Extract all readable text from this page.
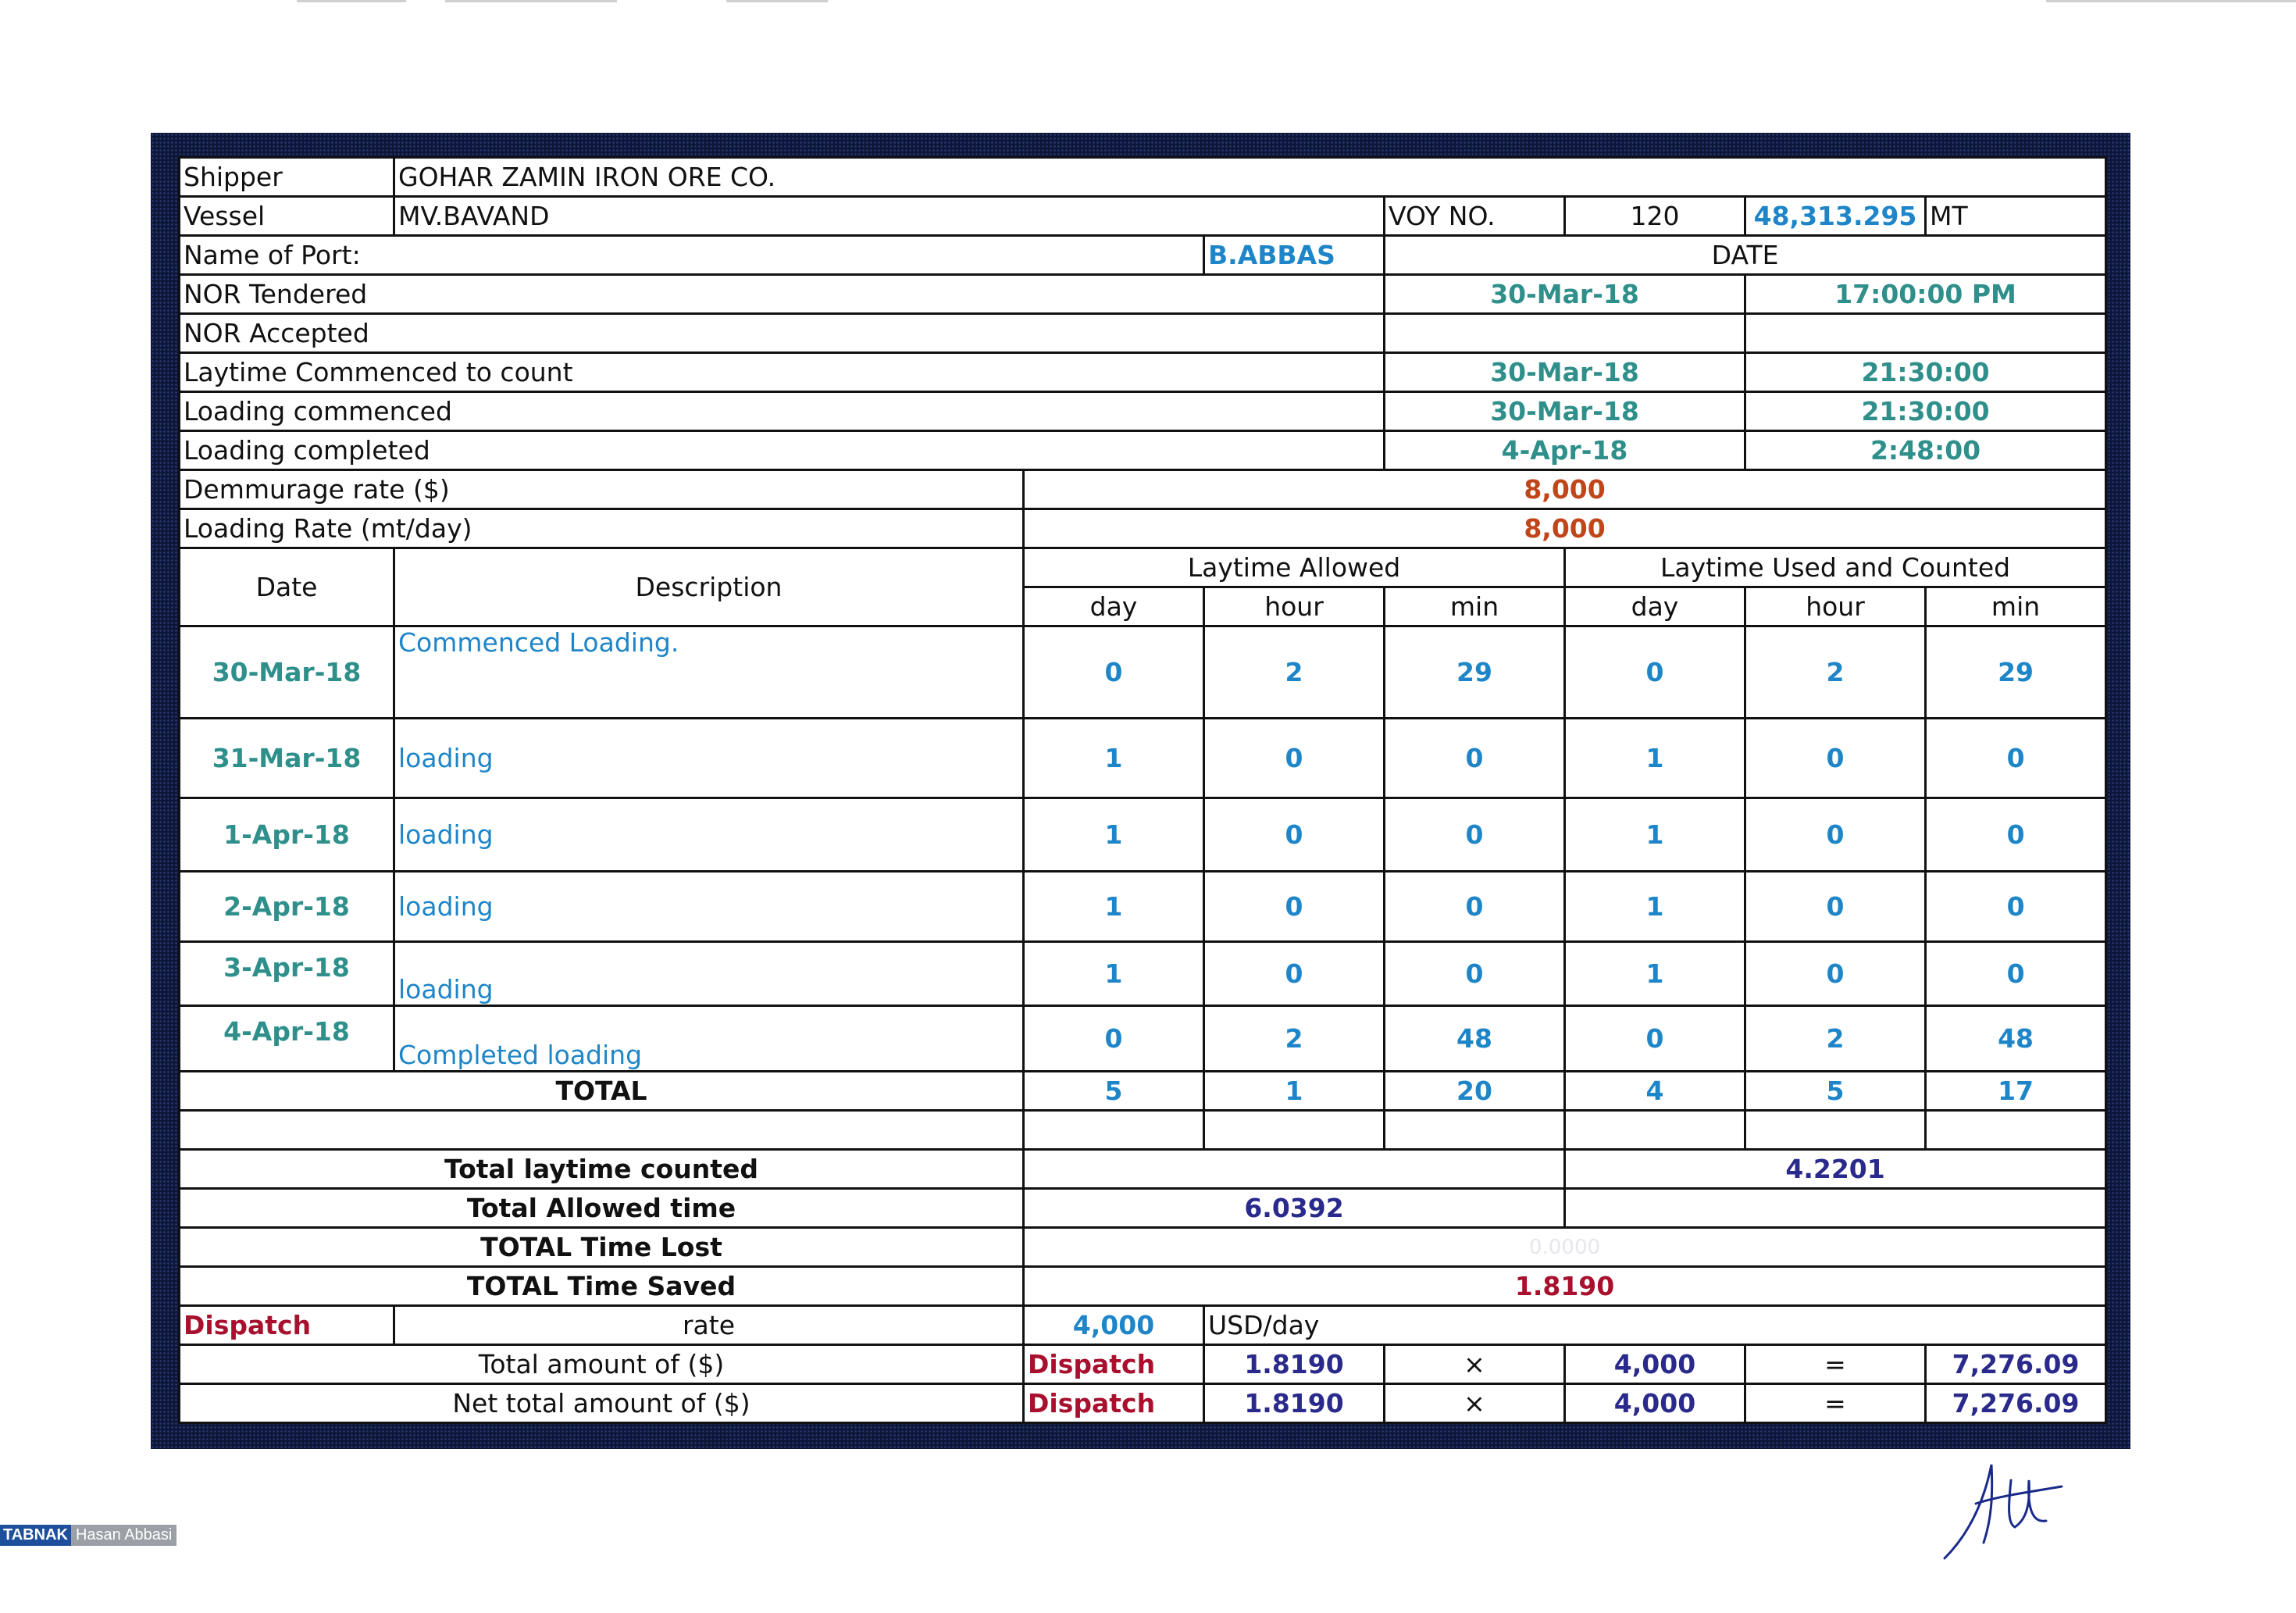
Shipper	GOHAR ZAMIN IRON ORE CO.						
Vessel	MV.BAVAND			VOY NO.	120	48,313.295	MT
Name of Port:			B.ABBAS	DATE			
NOR Tendered				30-Mar-18		17:00:00 PM	
NOR Accepted							
Laytime Commenced to count				30-Mar-18		21:30:00	
Loading commenced				30-Mar-18		21:30:00	
Loading completed				4-Apr-18		2:48:00	
Demmurage rate ($)		8,000					
Loading Rate (mt/day)		8,000					
Date	Description	Laytime Allowed			Laytime Used and Counted		
		day	hour	min	day	hour	min
30-Mar-18	Commenced Loading.	0	2	29	0	2	29
31-Mar-18	loading	1	0	0	1	0	0
1-Apr-18	loading	1	0	0	1	0	0
2-Apr-18	loading	1	0	0	1	0	0
3-Apr-18	loading	1	0	0	1	0	0
4-Apr-18	Completed loading	0	2	48	0	2	48
TOTAL		5	1	20	4	5	17

Total laytime counted					4.2201		
Total Allowed time		6.0392					
TOTAL Time Lost		0.0000					
TOTAL Time Saved		1.8190					
Dispatch	rate	4,000	USD/day				
Total amount of ($)		Dispatch	1.8190	×	4,000	=	7,276.09
Net total amount of ($)		Dispatch	1.8190	×	4,000	=	7,276.09
TABNAK Hasan Abbasi
